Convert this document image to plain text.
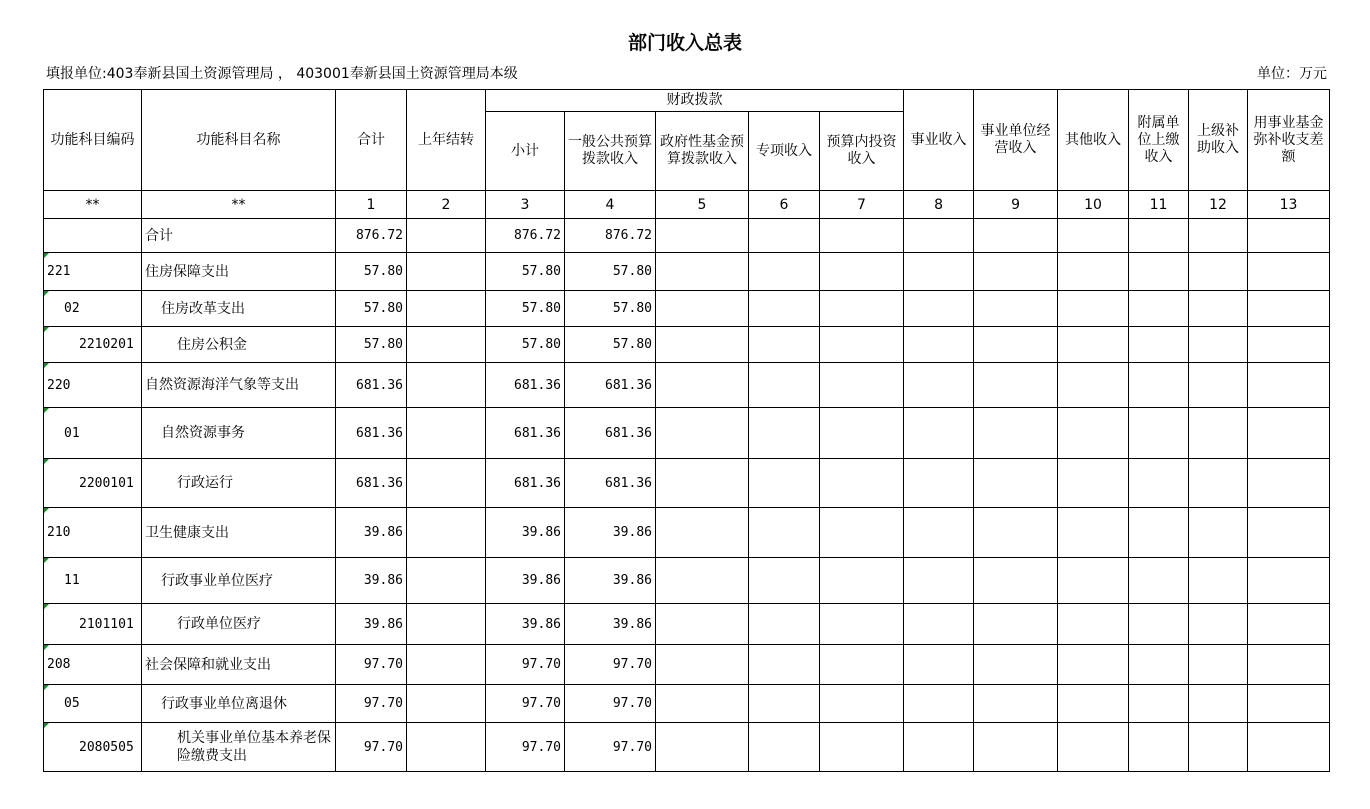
部门收入总表
填报单位:403奉新县国土资源管理局 ， 403001奉新县国土资源管理局本级	单位：万元
功能科目编码	功能科目名称	合计	上年结转	财政拨款					事业收入	事业单位经营收入	其他收入	附属单位上缴收入	上级补助收入	用事业基金弥补收支差额
				小计	一般公共预算拨款收入	政府性基金预算拨款收入	专项收入	预算内投资收入						
**	**	1	2	3	4	5	6	7	8	9	10	11	12	13
	合计	876.72		876.72	876.72									

221	住房保障支出	57.80		57.80	57.80									

02	住房改革支出	57.80		57.80	57.80									

2210201	住房公积金	57.80		57.80	57.80									

220	自然资源海洋气象等支出	681.36		681.36	681.36									

01	自然资源事务	681.36		681.36	681.36									

2200101	行政运行	681.36		681.36	681.36									

210	卫生健康支出	39.86		39.86	39.86									

11	行政事业单位医疗	39.86		39.86	39.86									

2101101	行政单位医疗	39.86		39.86	39.86									

208	社会保障和就业支出	97.70		97.70	97.70									

05	行政事业单位离退休	97.70		97.70	97.70									

2080505	机关事业单位基本养老保险缴费支出	97.70		97.70	97.70									
